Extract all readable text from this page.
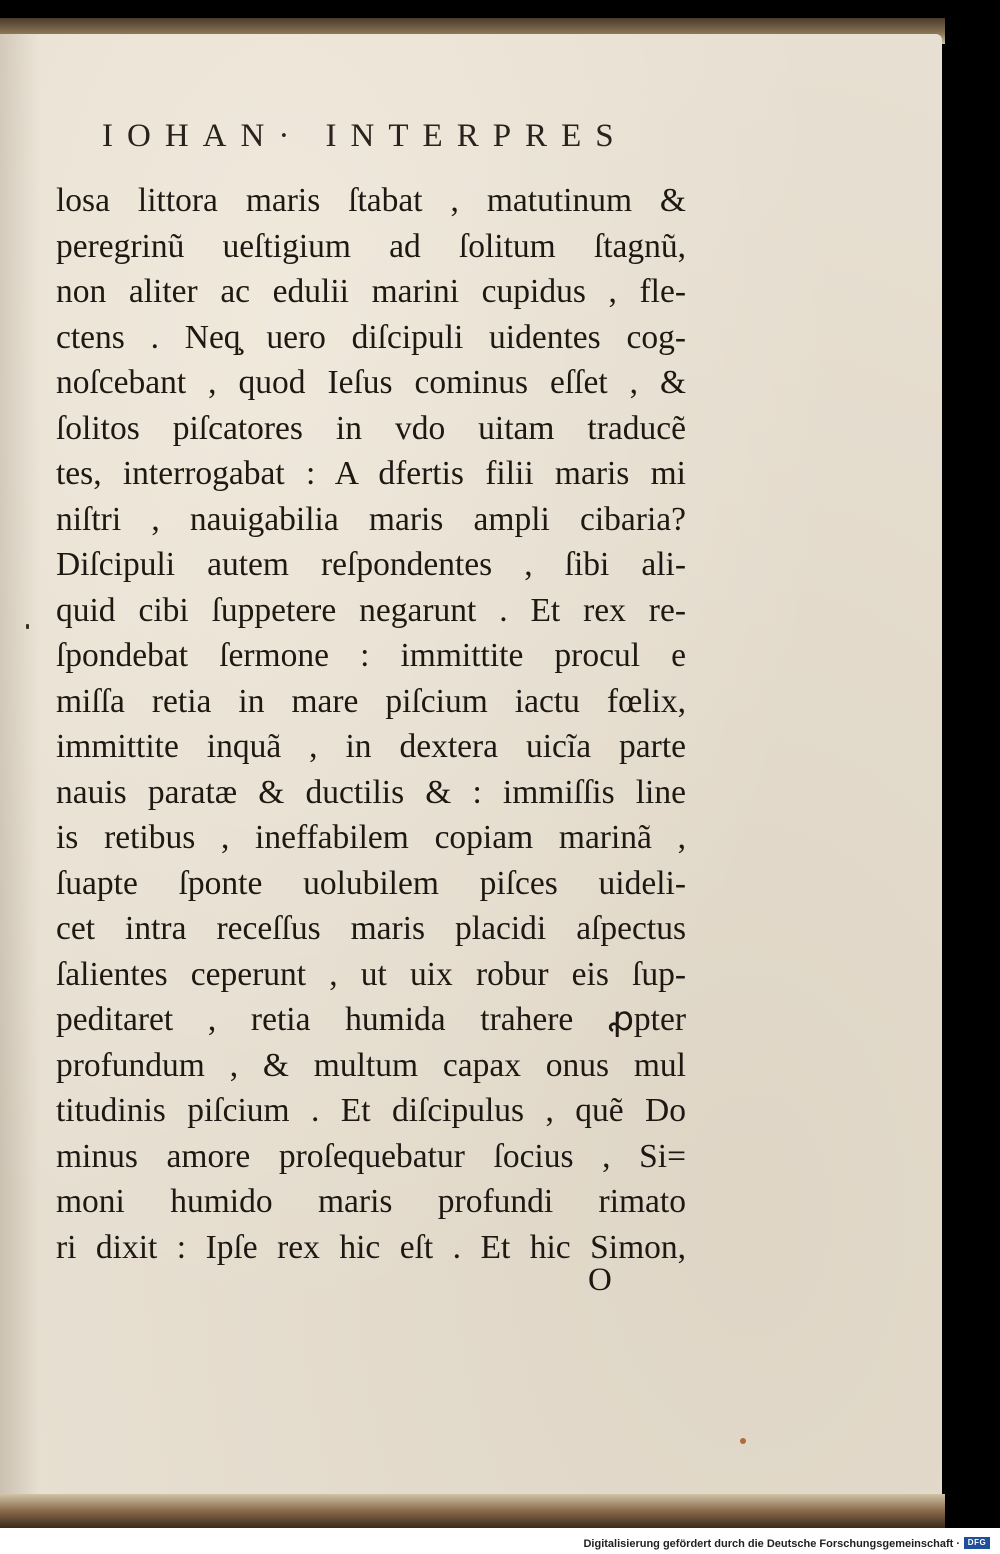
IOHAN· INTERPRES
losa littora maris ſtabat , matutinum &
peregrinũ ueſtigium ad ſolitum ſtagnũ,
non aliter ac edulii marini cupidus , fle-
ctens . Neq̧ uero diſcipuli uidentes cog-
noſcebant , quod Ieſus cominus eſſet , &
ſolitos piſcatores in vdo uitam traducẽ
tes, interrogabat : A dfertis filii maris mi
niſtri , nauigabilia maris ampli cibaria?
Diſcipuli autem reſpondentes , ſibi ali-
quid cibi ſuppetere negarunt . Et rex re-
ſpondebat ſermone : immittite procul e
miſſa retia in mare piſcium iactu fœlix,
immittite inquã , in dextera uicĩa parte
nauis paratæ & ductilis & : immiſſis line
is retibus , ineffabilem copiam marinã ,
ſuapte ſponte uolubilem piſces uideli-
cet intra receſſus maris placidi aſpectus
ſalientes ceperunt , ut uix robur eis ſup-
peditaret , retia humida trahere ꝓpter
profundum , & multum capax onus mul
titudinis piſcium . Et diſcipulus , quẽ Do
minus amore proſequebatur ſocius , Si=
moni humido maris profundi rimato
ri dixit : Ipſe rex hic eſt . Et hic Simon,
O
Digitalisierung gefördert durch die Deutsche Forschungsgemeinschaft · DFG
